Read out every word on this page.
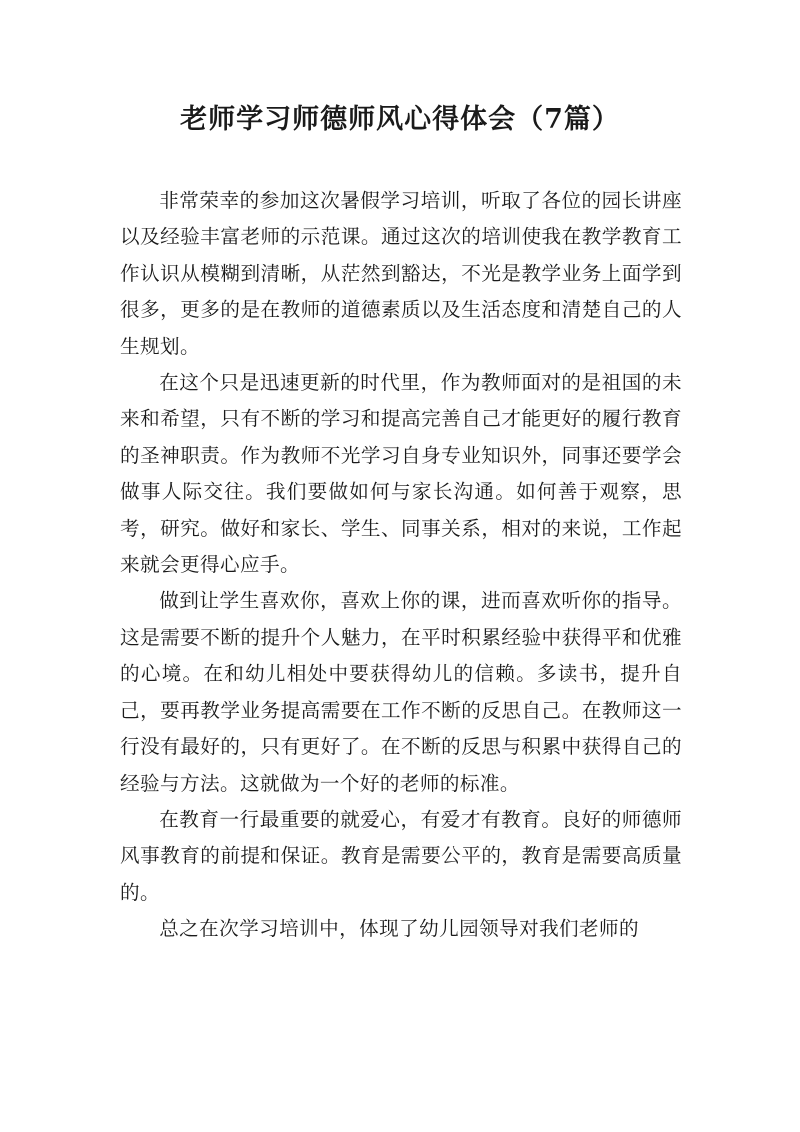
老师学习师德师风心得体会（7篇）

非常荣幸的参加这次暑假学习培训，听取了各位的园长讲座以及经验丰富老师的示范课。通过这次的培训使我在教学教育工作认识从模糊到清晰，从茫然到豁达，不光是教学业务上面学到很多，更多的是在教师的道德素质以及生活态度和清楚自己的人生规划。

在这个只是迅速更新的时代里，作为教师面对的是祖国的未来和希望，只有不断的学习和提高完善自己才能更好的履行教育的圣神职责。作为教师不光学习自身专业知识外，同事还要学会做事人际交往。我们要做如何与家长沟通。如何善于观察，思考，研究。做好和家长、学生、同事关系，相对的来说，工作起来就会更得心应手。

做到让学生喜欢你，喜欢上你的课，进而喜欢听你的指导。这是需要不断的提升个人魅力，在平时积累经验中获得平和优雅的心境。在和幼儿相处中要获得幼儿的信赖。多读书，提升自己，要再教学业务提高需要在工作不断的反思自己。在教师这一行没有最好的，只有更好了。在不断的反思与积累中获得自己的经验与方法。这就做为一个好的老师的标准。

在教育一行最重要的就爱心，有爱才有教育。良好的师德师风事教育的前提和保证。教育是需要公平的，教育是需要高质量的。

总之在次学习培训中，体现了幼儿园领导对我们老师的
